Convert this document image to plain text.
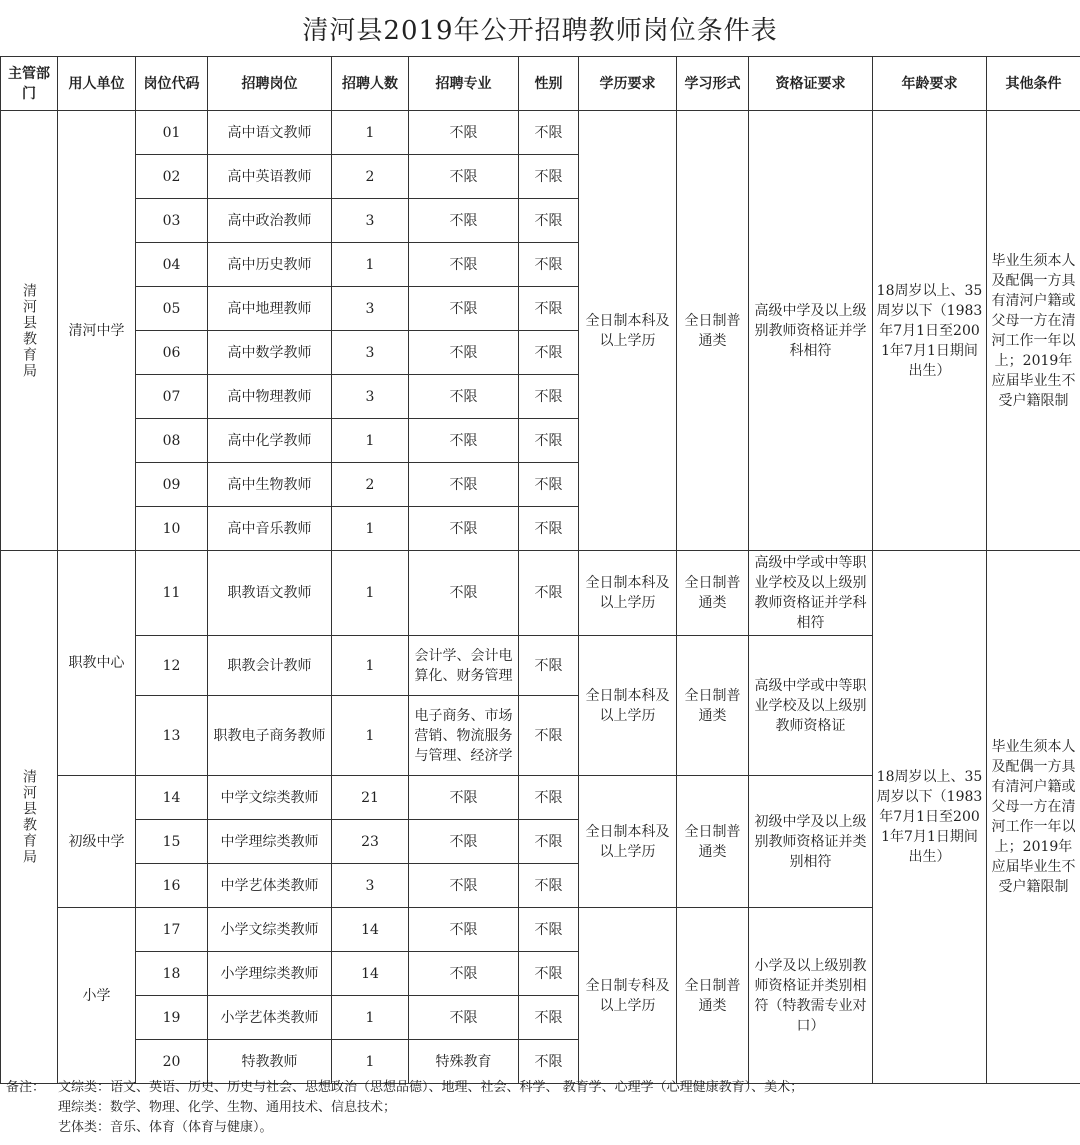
清河县2019年公开招聘教师岗位条件表
主管部门	用人单位	岗位代码	招聘岗位	招聘人数	招聘专业	性别	学历要求	学习形式	资格证要求	年龄要求	其他条件

清河县教育局	清河中学	01	高中语文教师	1	不限	不限	全日制本科及以上学历	全日制普通类	高级中学及以上级别教师资格证并学科相符	18周岁以上、35周岁以下（1983年7月1日至2001年7月1日期间出生）	毕业生须本人及配偶一方具有清河户籍或父母一方在清河工作一年以上；2019年应届毕业生不受户籍限制
		02	高中英语教师	2	不限	不限					
		03	高中政治教师	3	不限	不限					
		04	高中历史教师	1	不限	不限					
		05	高中地理教师	3	不限	不限					
		06	高中数学教师	3	不限	不限					
		07	高中物理教师	3	不限	不限					
		08	高中化学教师	1	不限	不限					
		09	高中生物教师	2	不限	不限					
		10	高中音乐教师	1	不限	不限					

清河县教育局	职教中心	11	职教语文教师	1	不限	不限	全日制本科及以上学历	全日制普通类	高级中学或中等职业学校及以上级别教师资格证并学科相符	18周岁以上、35周岁以下（1983年7月1日至2001年7月1日期间出生）	毕业生须本人及配偶一方具有清河户籍或父母一方在清河工作一年以上；2019年应届毕业生不受户籍限制
		12	职教会计教师	1	会计学、会计电算化、财务管理	不限	全日制本科及以上学历	全日制普通类	高级中学或中等职业学校及以上级别教师资格证		
		13	职教电子商务教师	1	电子商务、市场营销、物流服务与管理、经济学	不限					
	初级中学	14	中学文综类教师	21	不限	不限	全日制本科及以上学历	全日制普通类	初级中学及以上级别教师资格证并类别相符		
		15	中学理综类教师	23	不限	不限					
		16	中学艺体类教师	3	不限	不限					
	小学	17	小学文综类教师	14	不限	不限	全日制专科及以上学历	全日制普通类	小学及以上级别教师资格证并类别相符（特教需专业对口）		
		18	小学理综类教师	14	不限	不限					
		19	小学艺体类教师	1	不限	不限					
		20	特教教师	1	特殊教育	不限					
备注： 文综类：语文、英语、历史、历史与社会、思想政治（思想品德）、地理、社会、科学、 教育学、心理学（心理健康教育）、美术；
理综类：数学、物理、化学、生物、通用技术、信息技术；
艺体类：音乐、体育（体育与健康）。
